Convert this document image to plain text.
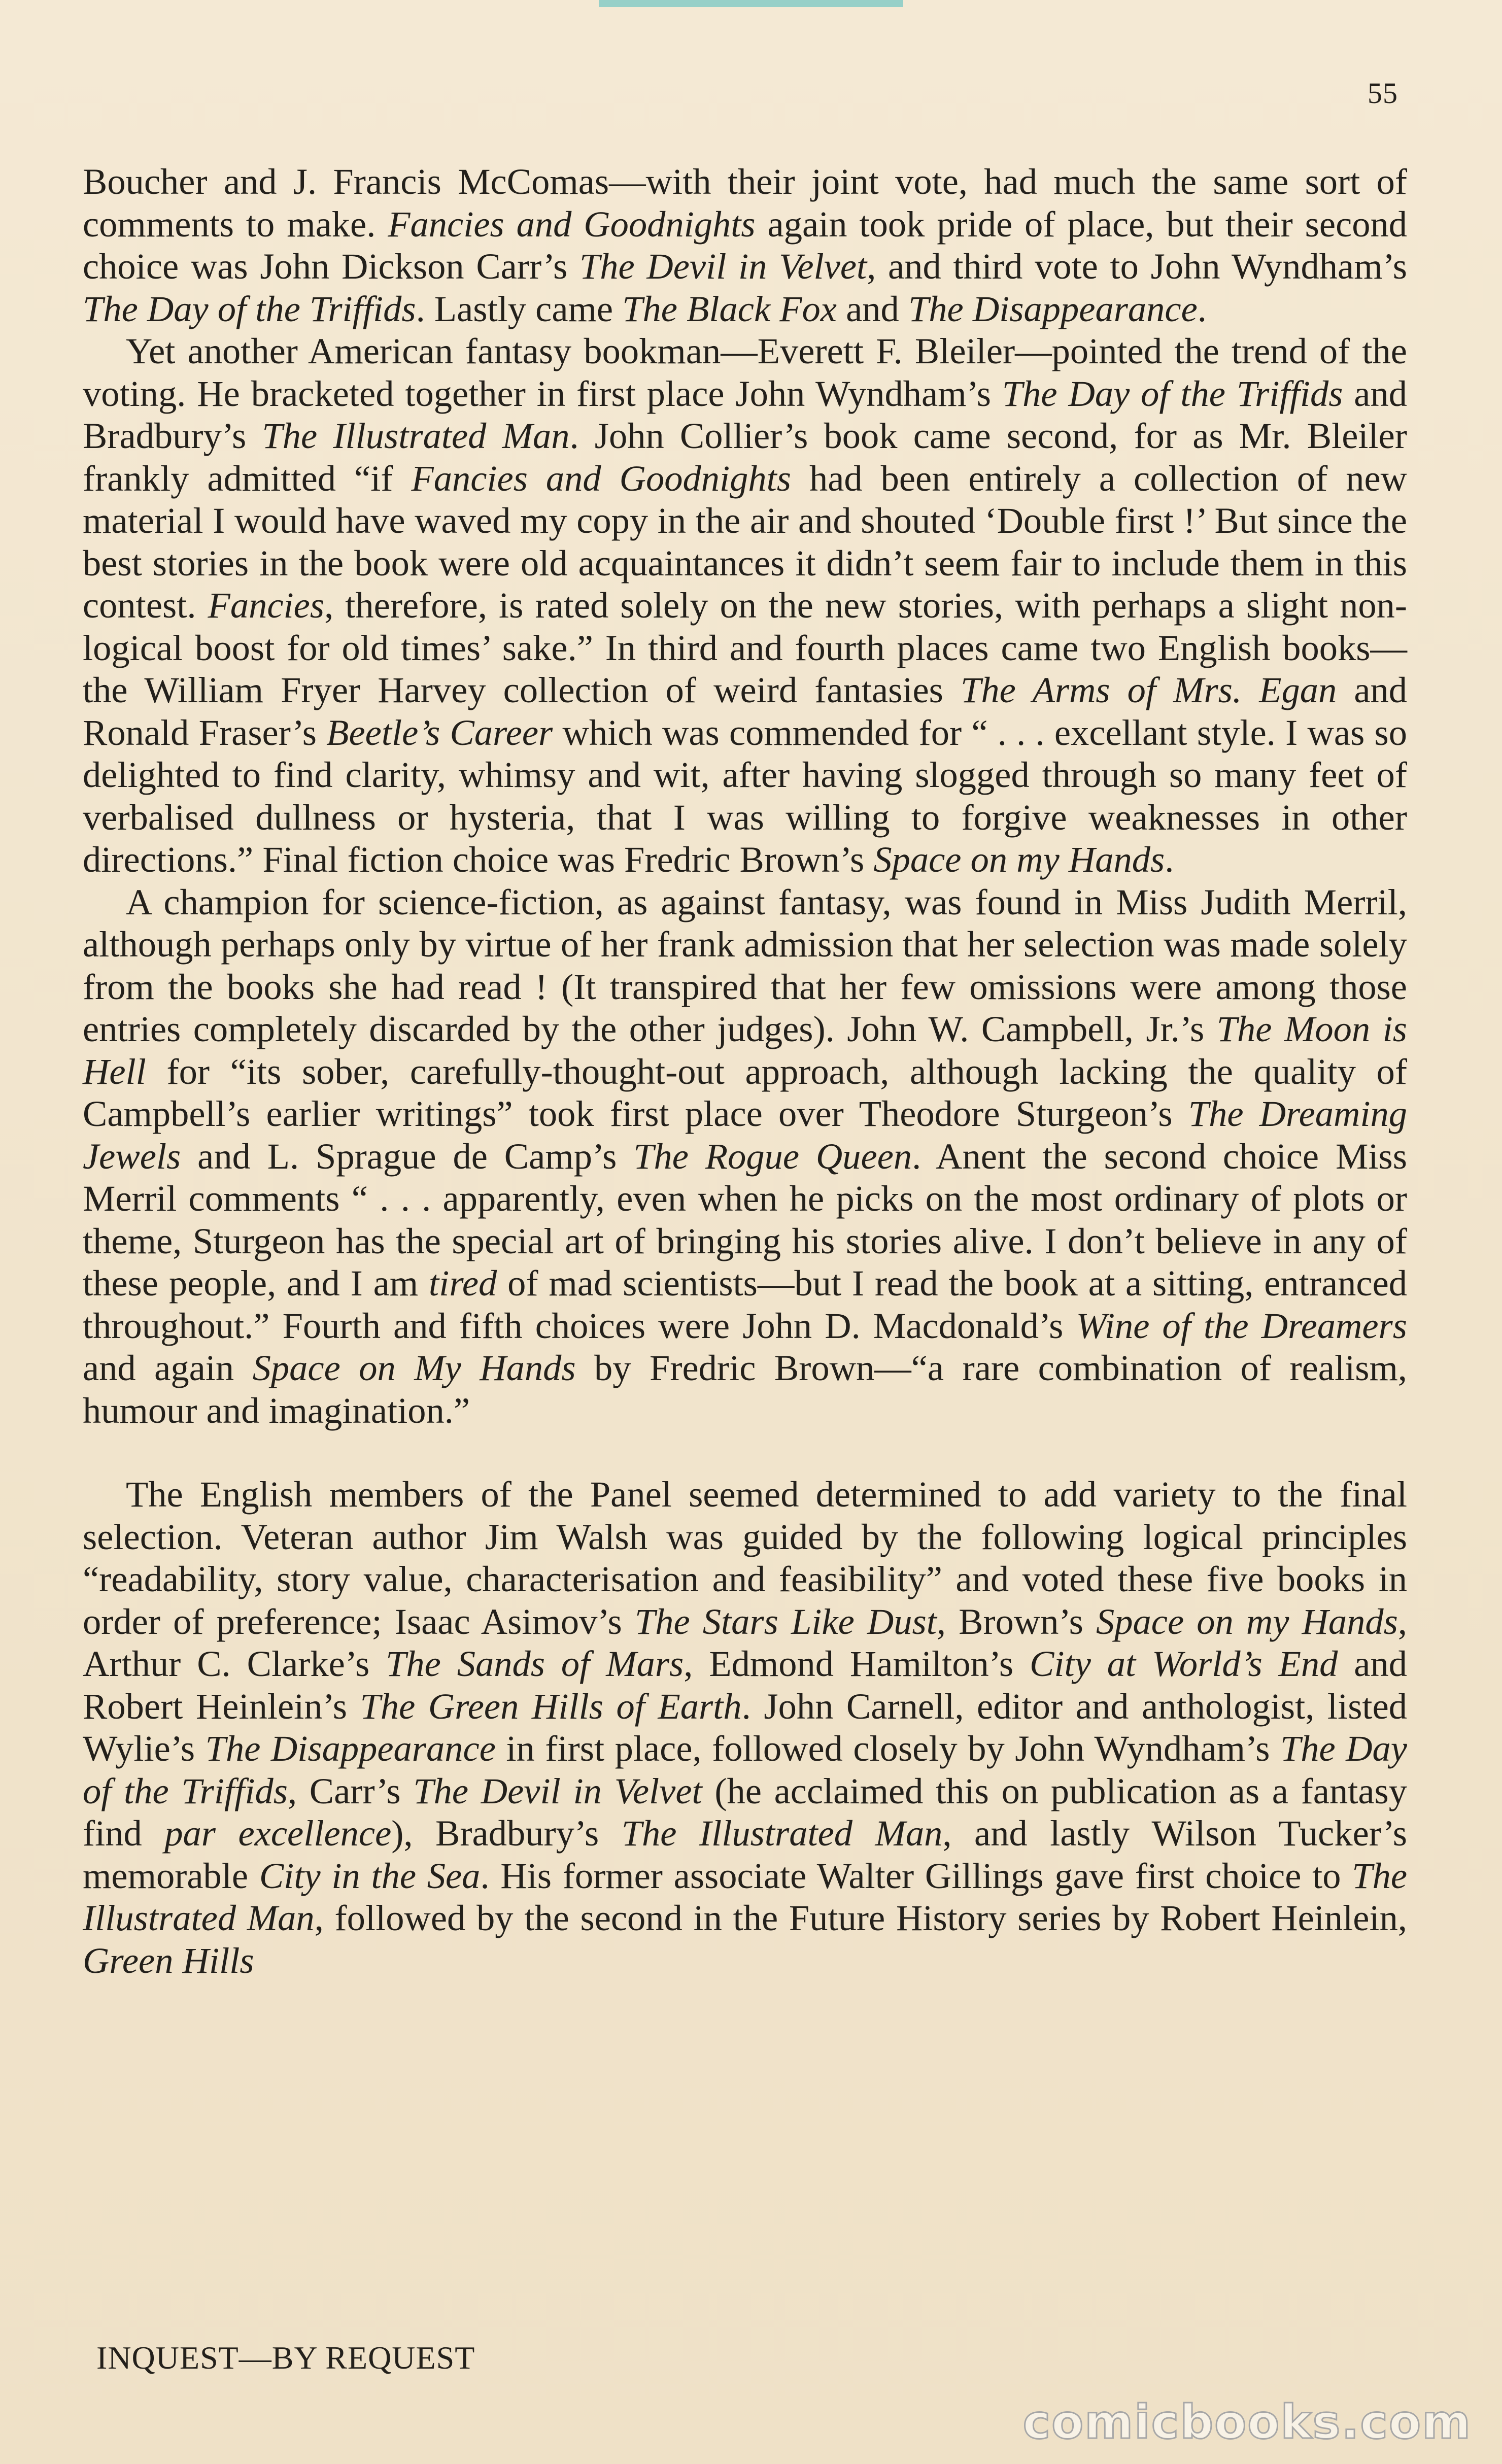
55

Boucher and J. Francis McComas—with their joint vote, had much the same sort of comments to make. Fancies and Goodnights again took pride of place, but their second choice was John Dickson Carr’s The Devil in Velvet, and third vote to John Wyndham’s The Day of the Triffids. Lastly came The Black Fox and The Disappearance.

Yet another American fantasy bookman—Everett F. Bleiler—pointed the trend of the voting. He bracketed together in first place John Wyndham’s The Day of the Triffids and Bradbury’s The Illustrated Man. John Collier’s book came second, for as Mr. Bleiler frankly admitted “if Fancies and Goodnights had been entirely a collection of new material I would have waved my copy in the air and shouted ‘Double first !’ But since the best stories in the book were old acquaintances it didn’t seem fair to include them in this contest. Fancies, therefore, is rated solely on the new stories, with perhaps a slight non-logical boost for old times’ sake.” In third and fourth places came two English books—the William Fryer Harvey collection of weird fantasies The Arms of Mrs. Egan and Ronald Fraser’s Beetle’s Career which was commended for “ . . . excellant style. I was so delighted to find clarity, whimsy and wit, after having slogged through so many feet of verbalised dullness or hysteria, that I was willing to forgive weaknesses in other directions.” Final fiction choice was Fredric Brown’s Space on my Hands.

A champion for science-fiction, as against fantasy, was found in Miss Judith Merril, although perhaps only by virtue of her frank admission that her selection was made solely from the books she had read ! (It transpired that her few omissions were among those entries completely discarded by the other judges). John W. Campbell, Jr.’s The Moon is Hell for “its sober, carefully-thought-out approach, although lacking the quality of Campbell’s earlier writings” took first place over Theodore Sturgeon’s The Dreaming Jewels and L. Sprague de Camp’s The Rogue Queen. Anent the second choice Miss Merril comments “ . . . apparently, even when he picks on the most ordinary of plots or theme, Sturgeon has the special art of bringing his stories alive. I don’t believe in any of these people, and I am tired of mad scientists—but I read the book at a sitting, entranced throughout.” Fourth and fifth choices were John D. Macdonald’s Wine of the Dreamers and again Space on My Hands by Fredric Brown—“a rare combination of realism, humour and imagination.”

The English members of the Panel seemed determined to add variety to the final selection. Veteran author Jim Walsh was guided by the following logical principles “readability, story value, characterisation and feasibility” and voted these five books in order of preference; Isaac Asimov’s The Stars Like Dust, Brown’s Space on my Hands, Arthur C. Clarke’s The Sands of Mars, Edmond Hamilton’s City at World’s End and Robert Heinlein’s The Green Hills of Earth. John Carnell, editor and anthologist, listed Wylie’s The Disappearance in first place, followed closely by John Wyndham’s The Day of the Triffids, Carr’s The Devil in Velvet (he acclaimed this on publication as a fantasy find par excellence), Bradbury’s The Illustrated Man, and lastly Wilson Tucker’s memorable City in the Sea. His former associate Walter Gillings gave first choice to The Illustrated Man, followed by the second in the Future History series by Robert Heinlein, Green Hills

INQUEST—BY REQUEST
comicbooks.com
